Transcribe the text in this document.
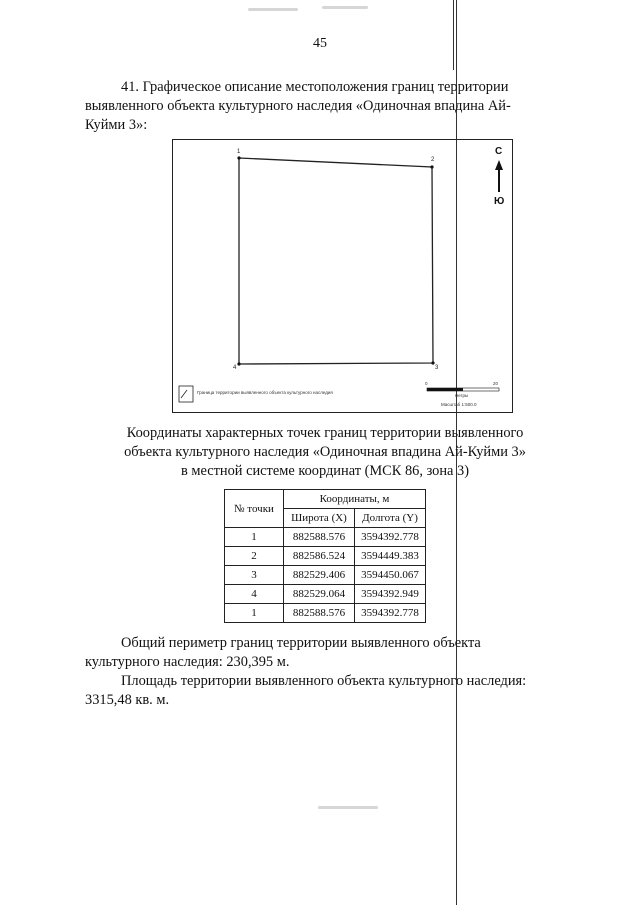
45
41. Графическое описание местоположения границ территории
выявленного объекта культурного наследия «Одиночная впадина Ай-
Куйми 3»:
С
Ю
1
2
3
4
Граница территории выявленного объекта культурного наследия
0	20
метры
Масштаб 1:500.0
Координаты характерных точек границ территории выявленного
объекта культурного наследия «Одиночная впадина Ай-Куйми 3»
в местной системе координат (МСК 86, зона 3)
№ точки	Координаты, м	
	Широта (X)	Долгота (Y)
1	882588.576	3594392.778
2	882586.524	3594449.383
3	882529.406	3594450.067
4	882529.064	3594392.949
1	882588.576	3594392.778
Общий периметр границ территории выявленного объекта
культурного наследия: 230,395 м.
Площадь территории выявленного объекта культурного наследия:
3315,48 кв. м.
